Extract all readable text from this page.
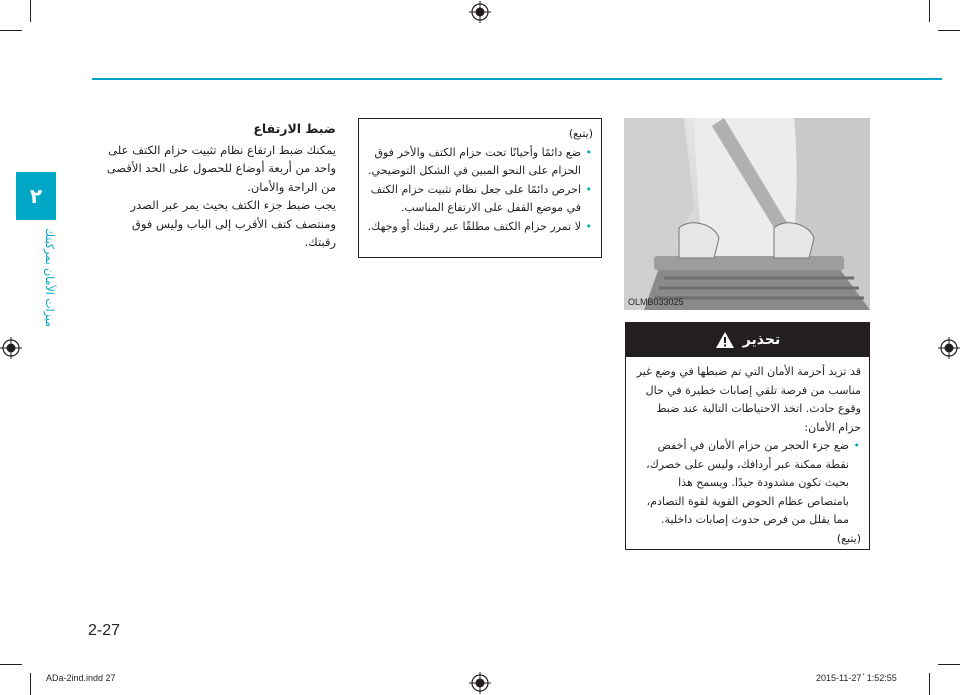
٢
ميزات الأمان بمركبتك
ضبط الارتفاع

يمكنك ضبط ارتفاع نظام تثبيت حزام الكتف على واحد من أربعة أوضاع للحصول على الحد الأقصى من الراحة والأمان.

يجب ضبط جزء الكتف بحيث يمر عبر الصدر ومنتصف كتف الأقرب إلى الباب وليس فوق رقبتك.

(يتبع)
• ضع دائمًا وأحيانًا تحت حزام الكتف والأخر فوق الحزام على النحو المبين في الشكل التوضيحي.
• احرص دائمًا على جعل نظام تثبيت حزام الكتف في موضع القفل على الارتفاع المناسب.
• لا تمرر حزام الكتف مطلقًا عبر رقبتك أو وجهك.
OLMB033025
تحذير

قد تزيد أحزمة الأمان التي تم ضبطها في وضع غير مناسب من فرصة تلقي إصابات خطيرة في حال وقوع حادث. اتخذ الاحتياطات التالية عند ضبط حزام الأمان:

• ضع جزء الحجر من حزام الأمان في أخفض نقطة ممكنة عبر أردافك، وليس على خصرك، بحيث تكون مشدودة جيدًا. ويسمح هذا بامتصاص عظام الحوض القوية لقوة التصادم، مما يقلل من فرص حدوث إصابات داخلية.

(يتبع)

2-27
ADa-2ind.indd 27	2015-11-27 ٰ 1:52:55
